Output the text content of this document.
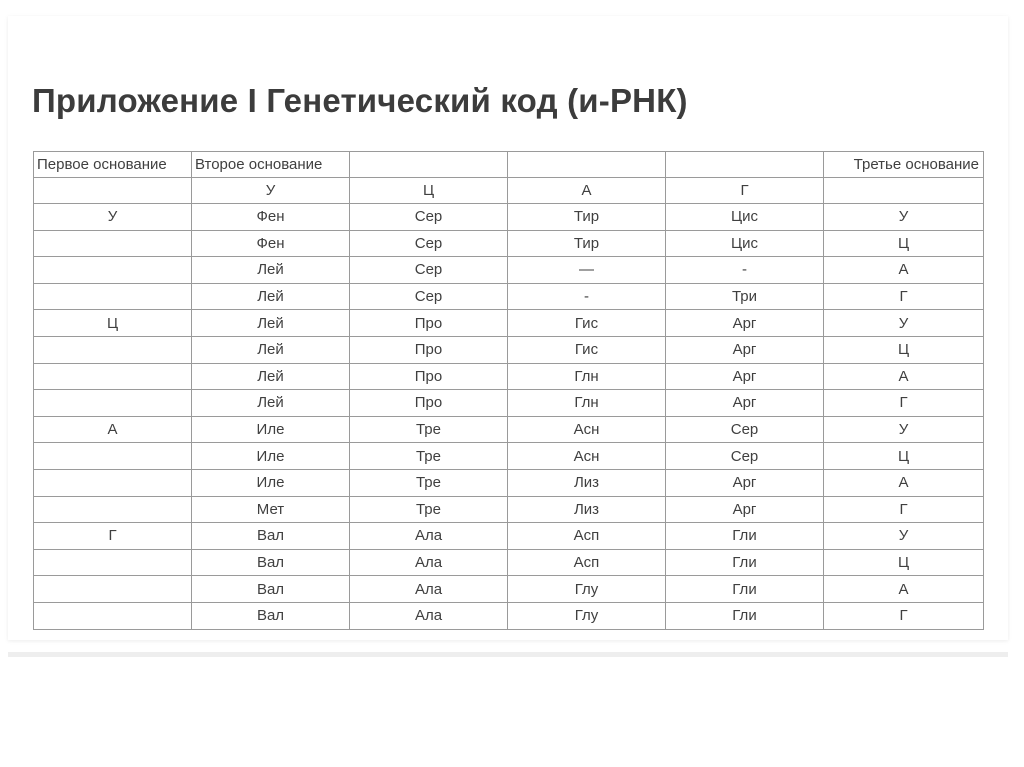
Приложение I Генетический код (и-РНК)
Первое основание	Второе основание				Третье основание
	У	Ц	А	Г	
У	Фен	Сер	Тир	Цис	У
	Фен	Сер	Тир	Цис	Ц
	Лей	Сер	—	-	А
	Лей	Сер	-	Три	Г
Ц	Лей	Про	Гис	Арг	У
	Лей	Про	Гис	Арг	Ц
	Лей	Про	Глн	Арг	А
	Лей	Про	Глн	Арг	Г
А	Иле	Тре	Асн	Сер	У
	Иле	Тре	Асн	Сер	Ц
	Иле	Тре	Лиз	Арг	А
	Мет	Тре	Лиз	Арг	Г
Г	Вал	Ала	Асп	Гли	У
	Вал	Ала	Асп	Гли	Ц
	Вал	Ала	Глу	Гли	А
	Вал	Ала	Глу	Гли	Г
